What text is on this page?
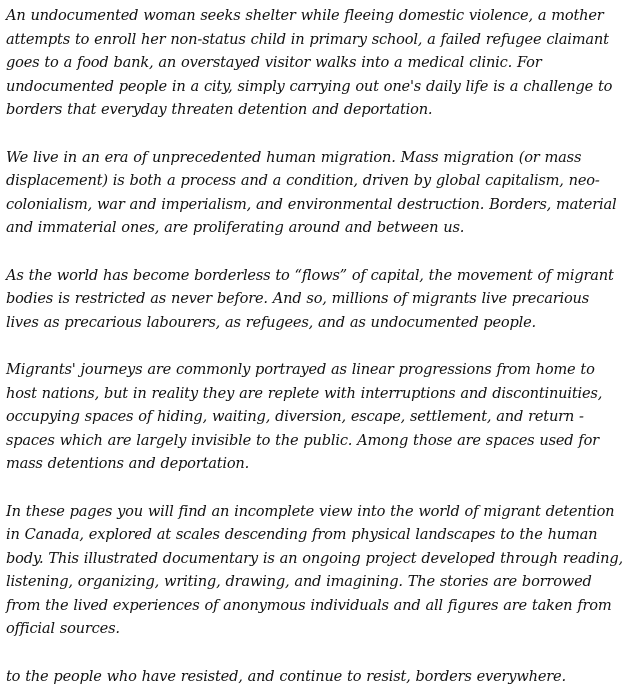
An undocumented woman seeks shelter while fleeing domestic violence, a mother attempts to enroll her non-status child in primary school, a failed refugee claimant goes to a food bank, an overstayed visitor walks into a medical clinic. For undocumented people in a city, simply carrying out one's daily life is a challenge to borders that everyday threaten detention and deportation.

We live in an era of unprecedented human migration. Mass migration (or mass displacement) is both a process and a condition, driven by global capitalism, neo-colonialism, war and imperialism, and environmental destruction. Borders, material and immaterial ones, are proliferating around and between us.

As the world has become borderless to “flows” of capital, the movement of migrant bodies is restricted as never before. And so, millions of migrants live precarious lives as precarious labourers, as refugees, and as undocumented people.

Migrants' journeys are commonly portrayed as linear progressions from home to host nations, but in reality they are replete with interruptions and discontinuities, occupying spaces of hiding, waiting, diversion, escape, settlement, and return - spaces which are largely invisible to the public. Among those are spaces used for mass detentions and deportation.

In these pages you will find an incomplete view into the world of migrant detention in Canada, explored at scales descending from physical landscapes to the human body. This illustrated documentary is an ongoing project developed through reading, listening, organizing, writing, drawing, and imagining. The stories are borrowed from the lived experiences of anonymous individuals and all figures are taken from official sources.

to the people who have resisted, and continue to resist, borders everywhere.
